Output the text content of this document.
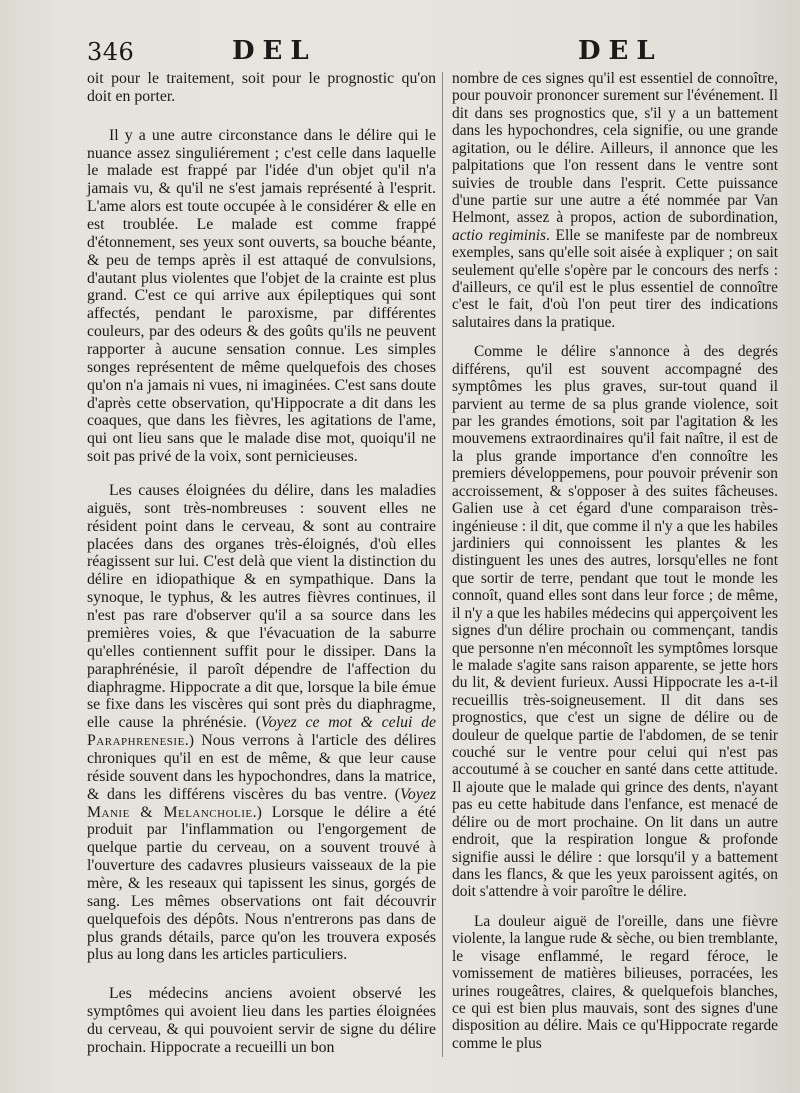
346	DEL	DEL

oit pour le traitement, soit pour le prognostic qu'on doit en porter.

Il y a une autre circonstance dans le délire qui le nuance assez singuliérement ; c'est celle dans laquelle le malade est frappé par l'idée d'un objet qu'il n'a jamais vu, & qu'il ne s'est jamais représenté à l'esprit. L'ame alors est toute occupée à le considérer & elle en est troublée. Le malade est comme frappé d'étonnement, ses yeux sont ouverts, sa bouche béante, & peu de temps après il est attaqué de convulsions, d'autant plus violentes que l'objet de la crainte est plus grand. C'est ce qui arrive aux épileptiques qui sont affectés, pendant le paroxisme, par différentes couleurs, par des odeurs & des goûts qu'ils ne peuvent rapporter à aucune sensation connue. Les simples songes représentent de même quelquefois des choses qu'on n'a jamais ni vues, ni imaginées. C'est sans doute d'après cette observation, qu'Hippocrate a dit dans les coaques, que dans les fièvres, les agitations de l'ame, qui ont lieu sans que le malade dise mot, quoiqu'il ne soit pas privé de la voix, sont pernicieuses.

Les causes éloignées du délire, dans les maladies aiguës, sont très-nombreuses : souvent elles ne résident point dans le cerveau, & sont au contraire placées dans des organes très-éloignés, d'où elles réagissent sur lui. C'est delà que vient la distinction du délire en idiopathique & en sympathique. Dans la synoque, le typhus, & les autres fièvres continues, il n'est pas rare d'observer qu'il a sa source dans les premières voies, & que l'évacuation de la saburre qu'elles contiennent suffit pour le dissiper. Dans la paraphrénésie, il paroît dépendre de l'affection du diaphragme. Hippocrate a dit que, lorsque la bile émue se fixe dans les viscères qui sont près du diaphragme, elle cause la phrénésie. (Voyez ce mot & celui de Paraphrenesie.) Nous verrons à l'article des délires chroniques qu'il en est de même, & que leur cause réside souvent dans les hypochondres, dans la matrice, & dans les différens viscères du bas ventre. (Voyez Manie & Melancholie.) Lorsque le délire a été produit par l'inflammation ou l'engorgement de quelque partie du cerveau, on a souvent trouvé à l'ouverture des cadavres plusieurs vaisseaux de la pie mère, & les reseaux qui tapissent les sinus, gorgés de sang. Les mêmes observations ont fait découvrir quelquefois des dépôts. Nous n'entrerons pas dans de plus grands détails, parce qu'on les trouvera exposés plus au long dans les articles particuliers.

Les médecins anciens avoient observé les symptômes qui avoient lieu dans les parties éloignées du cerveau, & qui pouvoient servir de signe du délire prochain. Hippocrate a recueilli un bon

nombre de ces signes qu'il est essentiel de connoître, pour pouvoir prononcer surement sur l'événement. Il dit dans ses prognostics que, s'il y a un battement dans les hypochondres, cela signifie, ou une grande agitation, ou le délire. Ailleurs, il annonce que les palpitations que l'on ressent dans le ventre sont suivies de trouble dans l'esprit. Cette puissance d'une partie sur une autre a été nommée par Van Helmont, assez à propos, action de subordination, actio regiminis. Elle se manifeste par de nombreux exemples, sans qu'elle soit aisée à expliquer ; on sait seulement qu'elle s'opère par le concours des nerfs : d'ailleurs, ce qu'il est le plus essentiel de connoître c'est le fait, d'où l'on peut tirer des indications salutaires dans la pratique.

Comme le délire s'annonce à des degrés différens, qu'il est souvent accompagné des symptômes les plus graves, sur-tout quand il parvient au terme de sa plus grande violence, soit par les grandes émotions, soit par l'agitation & les mouvemens extraordinaires qu'il fait naître, il est de la plus grande importance d'en connoître les premiers développemens, pour pouvoir prévenir son accroissement, & s'opposer à des suites fâcheuses. Galien use à cet égard d'une comparaison très-ingénieuse : il dit, que comme il n'y a que les habiles jardiniers qui connoissent les plantes & les distinguent les unes des autres, lorsqu'elles ne font que sortir de terre, pendant que tout le monde les connoît, quand elles sont dans leur force ; de même, il n'y a que les habiles médecins qui apperçoivent les signes d'un délire prochain ou commençant, tandis que personne n'en méconnoît les symptômes lorsque le malade s'agite sans raison apparente, se jette hors du lit, & devient furieux. Aussi Hippocrate les a-t-il recueillis très-soigneusement. Il dit dans ses prognostics, que c'est un signe de délire ou de douleur de quelque partie de l'abdomen, de se tenir couché sur le ventre pour celui qui n'est pas accoutumé à se coucher en santé dans cette attitude. Il ajoute que le malade qui grince des dents, n'ayant pas eu cette habitude dans l'enfance, est menacé de délire ou de mort prochaine. On lit dans un autre endroit, que la respiration longue & profonde signifie aussi le délire : que lorsqu'il y a battement dans les flancs, & que les yeux paroissent agités, on doit s'attendre à voir paroître le délire.

La douleur aiguë de l'oreille, dans une fièvre violente, la langue rude & sèche, ou bien tremblante, le visage enflammé, le regard féroce, le vomissement de matières bilieuses, porracées, les urines rougeâtres, claires, & quelquefois blanches, ce qui est bien plus mauvais, sont des signes d'une disposition au délire. Mais ce qu'Hippocrate regarde comme le plus
